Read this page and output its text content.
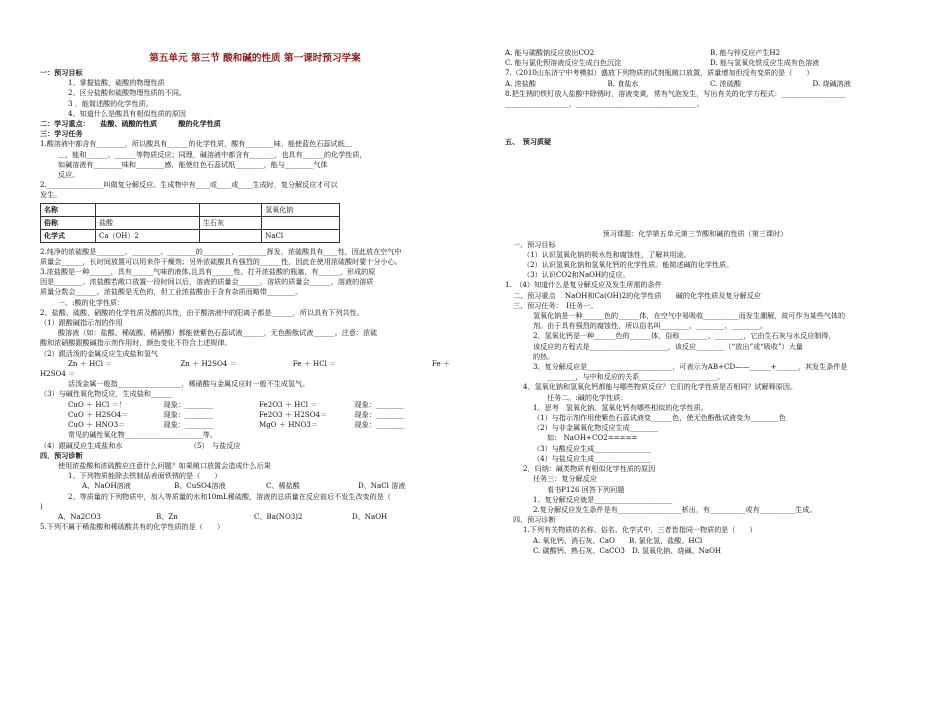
第五单元 第三节 酸和碱的性质 第一课时预习学案
一：预习目标
1、掌握盐酸、硫酸的物理性质
2、区分盐酸和硫酸物理性质的不同。
3 ．能简述酸的化学性质。
4、知道什么是酸具有相似性质的原因
二：学习重点：　　盐酸、硫酸的性质　　　酸的化学性质
三：学习任务
1.酸溶液中都含有________，所以酸具有______的化学性质，酸有________味，能使蓝色石蕊试纸＿
＿，能和______、______等物质反应；同理，碱溶液中都含有_______，也具有______的化学性质，
如碱溶液有________味和________感，能使红色石蕊试纸________，能与________气体
反应。
2.________________叫做复分解反应。生成物中有____或____或____生成时，复分解反应才可以
发生。
名称			氢氧化钠
俗称	盐酸	生石灰	
化学式	Ca（OH）2		NaCl
2.纯净的浓硫酸是________、________、________的________，________挥发，浓硫酸具有____性，因此放在空气中
质量会______，长时间放置可以用来作干燥剂；另外浓硫酸具有强烈的______性，因此在使用浓硫酸时要十分小心。
3.浓盐酸是一种______，具有______气味的液体,且具有______性。打开浓盐酸的瓶塞，有______，形成的原
因是________。浓盐酸若敞口放置一段时间以后，溶液的质量会______，溶质的质量会______，溶液的溶质
质量分数会______。浓盐酸是无色的，但工业浓盐酸由于含有杂质而略带________。
一、:酸的化学性质：
2、盐酸、硫酸、硝酸的化学性质及酸的共性，由于酸溶液中的阳离子都是______，所以具有下列共性。
（1）跟酸碱指示剂的作用
酸溶液（如：盐酸、稀硫酸、稀硝酸）都能使紫色石蕊试液______，无色酚酞试液______。注意：浓硫
酸和浓硝酸跟酸碱指示剂作用时，颜色变化不符合上述规律。
（2）跟活泼的金属反应生成盐和氢气
Zn ＋ HCl ＝	Zn ＋ H2SO4 ＝	Fe ＋ HCl ＝	Fe ＋
H2SO4 ＝
活泼金属一般指__________________，稀硝酸与金属反应时一般不生成氢气。
（3）与碱性氧化物反应，生成盐和______
CuO ＋ HCl ＝！	现象：________	Fe2O3 ＋ HCl ＝	现象：________
CuO ＋ H2SO4＝	现象：________	Fe2O3 ＋ H2SO4＝	现象：________
CuO ＋ HNO3＝	现象：________	MgO ＋ HNO3＝	现象：________
常见的碱性氧化物______________________等。
（4）跟碱反应生成盐和水　　　　　　　　　　（5）　与盐反应
四．预习诊断
使用浓盐酸和浓硫酸应注意什么问题？如果敞口放置会造成什么后果
1、下列物质能除去铁制品表面铁锈的是（　　）
A、NaOH溶液	B、CuSO4溶液	C、稀盐酸	D、NaCl 溶液
2、等质量的下列物质中，加入等质量的水和10mL稀硫酸，溶液的总质量在反应前后不发生改变的是（
)
A、Na2CO3	B、Zn	C、Ba(NO3)2	D、NaOH
5.下列不属于稀盐酸和稀硫酸共有的化学性质的是（　　）
A. 能与碳酸钠反应放出CO2	B. 能与锌反应产生H2
C. 能与氯化钡溶液反应生成白色沉淀	D. 能与氢氧化铁反应生成有色溶液
7.（2010山东济宁中考模拟）盛放下列物质的试剂瓶敞口放置，质量增加但没有变质的是（　　）
A. 浓盐酸	B. 食盐水	C. 浓硫酸	D. 烧碱溶液
8.把生锈的铁钉放入盐酸中除锈时，溶液变黄，常有气泡发生，写出有关的化学方程式：__________________
__________________，__________________________________。
五、　预习质疑
预习课题：化学第五单元第三节酸和碱的性质（第三课时）
一、预习目标
（1）认识氢氧化钠的吸水性和腐蚀性，了解其用途。
（2）认识氢氧化钠和氢氧化钙的化学性质。能简述碱的化学性质。
（3）认识CO2和NaOH的反应。
1.　（4）知道什么是复分解反应及发生所需的条件
二、预习重点　 NaOH和Ca(OH)2的化学性质　　碱的化学性质及复分解反应
三、预习任务：　Ⅰ任务一。
氢氧化钠是一种______色的______体，在空气中易吸收__________而发生潮解，故可作为某些气体的
剂。由于具有强烈的腐蚀性，所以俗名叫________、________、________。
2、氢氧化钙是一种______色的______体，俗称________、________，它由生石灰与水反应制得，
该反应的方程式是______________________，该反应________（“放出”或“吸收”）大量
的热。
3、复分解反应是________________________，可表示为AB+CD——______+______，其发生条件是
________，与中和反应的关系______________________。
4、氢氧化钠和氢氧化钙都能与哪些物质反应？它们的化学性质是否相同？试解释原因。
任务二。:碱的化学性质：
1、思考　氢氧化钠、氢氧化钙有哪些相似的化学性质。
（1）与指示剂作用使紫色石蕊试液变______色，使无色酚酞试液变为________色
（2）与非金属氧化物反应生成________
如:　NaOH+CO2=====
（3）与酸反应生成________________
（4）与盐反应生成________________
2．归纳：碱类物质有相似化学性质的原因
任务三：复分解反应
看书P126 回答下列问题
1、复分解反应就是______________________
2.复分解反应发生条件是有__________________析出，有__________或有__________生成。
四、预习诊断
1.下列有关物质的名称、俗名、化学式中，三者皆指同一物质的是（　　）
A. 氧化钙、消石灰、CaO　　B. 氯化氢、盐酸、HCl
C. 碳酸钙、熟石灰、CaCO3　D. 氢氧化钠、烧碱、NaOH
